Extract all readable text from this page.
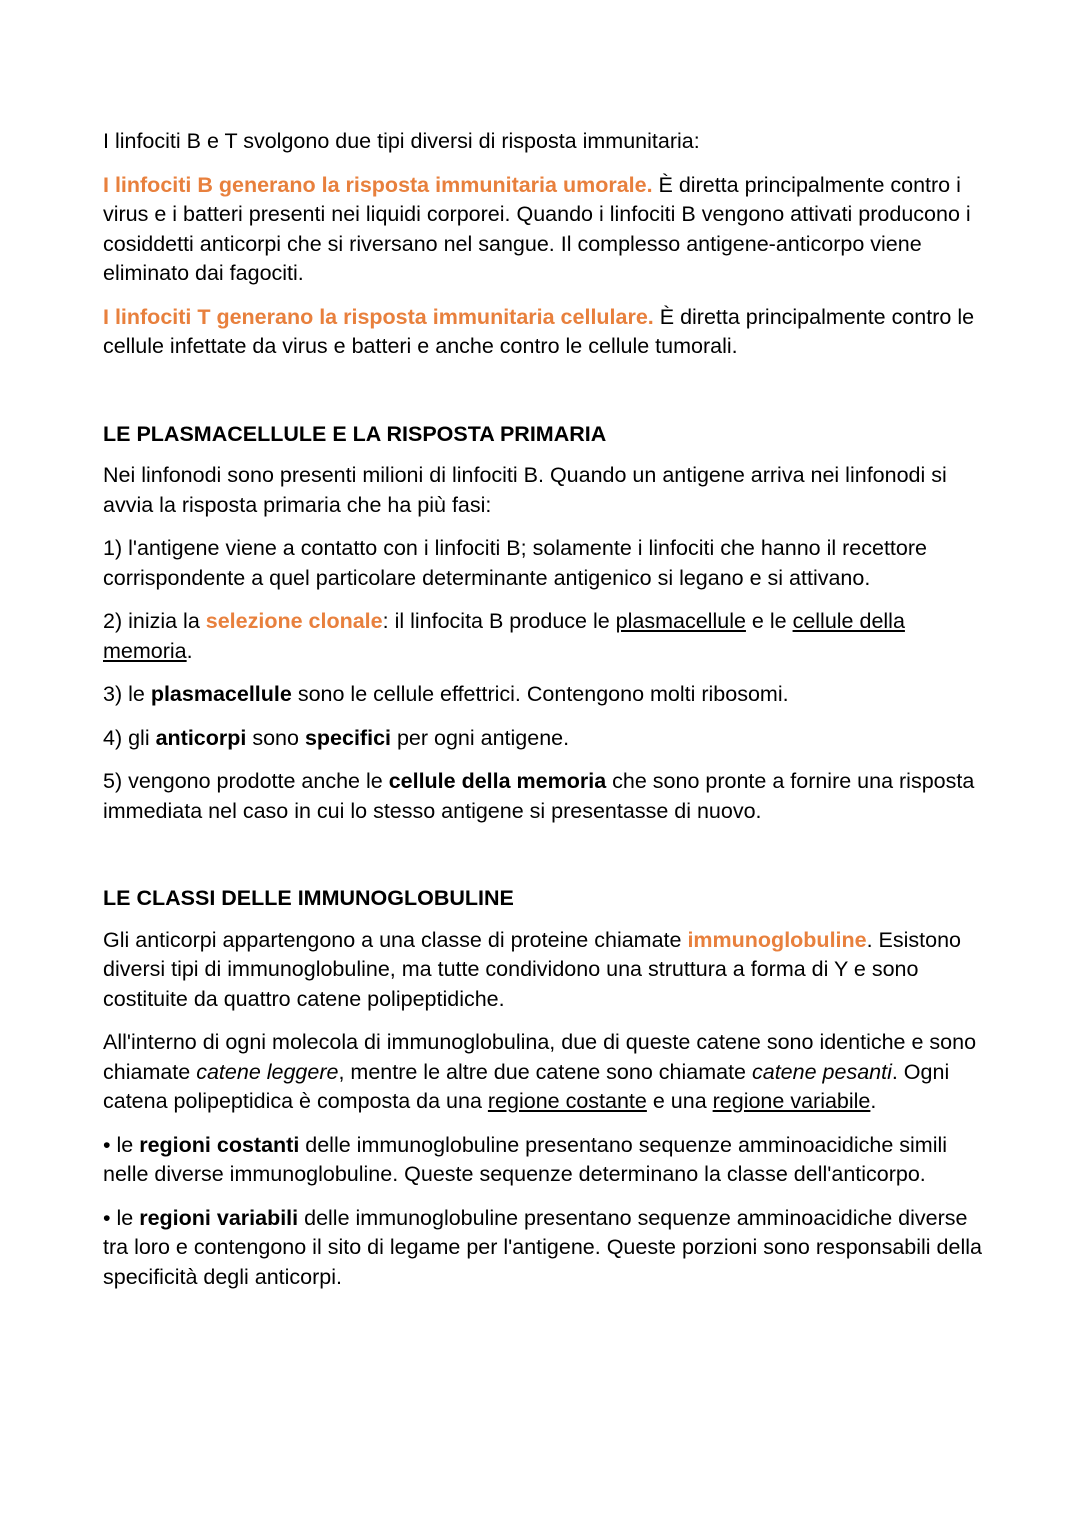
I linfociti B e T svolgono due tipi diversi di risposta immunitaria:

I linfociti B generano la risposta immunitaria umorale. È diretta principalmente contro i virus e i batteri presenti nei liquidi corporei. Quando i linfociti B vengono attivati producono i cosiddetti anticorpi che si riversano nel sangue. Il complesso antigene-anticorpo viene eliminato dai fagociti.

I linfociti T generano la risposta immunitaria cellulare. È diretta principalmente contro le cellule infettate da virus e batteri e anche contro le cellule tumorali.

LE PLASMACELLULE E LA RISPOSTA PRIMARIA

Nei linfonodi sono presenti milioni di linfociti B. Quando un antigene arriva nei linfonodi si avvia la risposta primaria che ha più fasi:

1) l'antigene viene a contatto con i linfociti B; solamente i linfociti che hanno il recettore corrispondente a quel particolare determinante antigenico si legano e si attivano.

2) inizia la selezione clonale: il linfocita B produce le plasmacellule e le cellule della memoria.

3) le plasmacellule sono le cellule effettrici. Contengono molti ribosomi.

4) gli anticorpi sono specifici per ogni antigene.

5) vengono prodotte anche le cellule della memoria che sono pronte a fornire una risposta immediata nel caso in cui lo stesso antigene si presentasse di nuovo.

LE CLASSI DELLE IMMUNOGLOBULINE

Gli anticorpi appartengono a una classe di proteine chiamate immunoglobuline. Esistono diversi tipi di immunoglobuline, ma tutte condividono una struttura a forma di Y e sono costituite da quattro catene polipeptidiche.

All'interno di ogni molecola di immunoglobulina, due di queste catene sono identiche e sono chiamate catene leggere, mentre le altre due catene sono chiamate catene pesanti. Ogni catena polipeptidica è composta da una regione costante e una regione variabile.

• le regioni costanti delle immunoglobuline presentano sequenze amminoacidiche simili nelle diverse immunoglobuline. Queste sequenze determinano la classe dell'anticorpo.

• le regioni variabili delle immunoglobuline presentano sequenze amminoacidiche diverse tra loro e contengono il sito di legame per l'antigene. Queste porzioni sono responsabili della specificità degli anticorpi.
